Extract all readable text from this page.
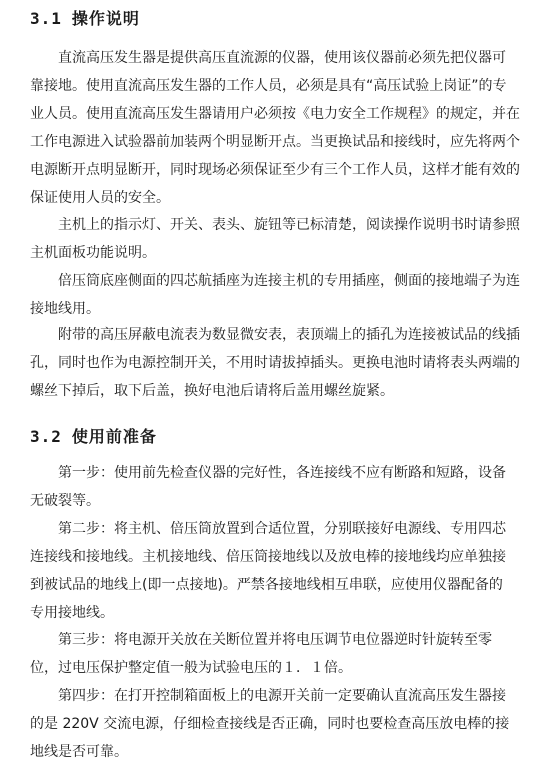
3.1 操作说明
　　直流高压发生器是提供高压直流源的仪器，使用该仪器前必须先把仪器可
靠接地。使用直流高压发生器的工作人员，必须是具有“高压试验上岗证”的专
业人员。使用直流高压发生器请用户必须按《电力安全工作规程》的规定，并在
工作电源进入试验器前加装两个明显断开点。当更换试品和接线时，应先将两个
电源断开点明显断开，同时现场必须保证至少有三个工作人员，这样才能有效的
保证使用人员的安全。
　　主机上的指示灯、开关、表头、旋钮等已标清楚，阅读操作说明书时请参照
主机面板功能说明。
　　倍压筒底座侧面的四芯航插座为连接主机的专用插座，侧面的接地端子为连
接地线用。
　　附带的高压屏蔽电流表为数显微安表，表顶端上的插孔为连接被试品的线插
孔，同时也作为电源控制开关，不用时请拔掉插头。更换电池时请将表头两端的
螺丝下掉后，取下后盖，换好电池后请将后盖用螺丝旋紧。
3.2 使用前准备
　　第一步：使用前先检查仪器的完好性，各连接线不应有断路和短路，设备
无破裂等。
　　第二步：将主机、倍压筒放置到合适位置，分别联接好电源线、专用四芯
连接线和接地线。主机接地线、倍压筒接地线以及放电棒的接地线均应单独接
到被试品的地线上(即一点接地)。严禁各接地线相互串联，应使用仪器配备的
专用接地线。
　　第三步：将电源开关放在关断位置并将电压调节电位器逆时针旋转至零
位，过电压保护整定值一般为试验电压的１．１倍。
　　第四步：在打开控制箱面板上的电源开关前一定要确认直流高压发生器接
的是 220V 交流电源，仔细检查接线是否正确，同时也要检查高压放电棒的接
地线是否可靠。
